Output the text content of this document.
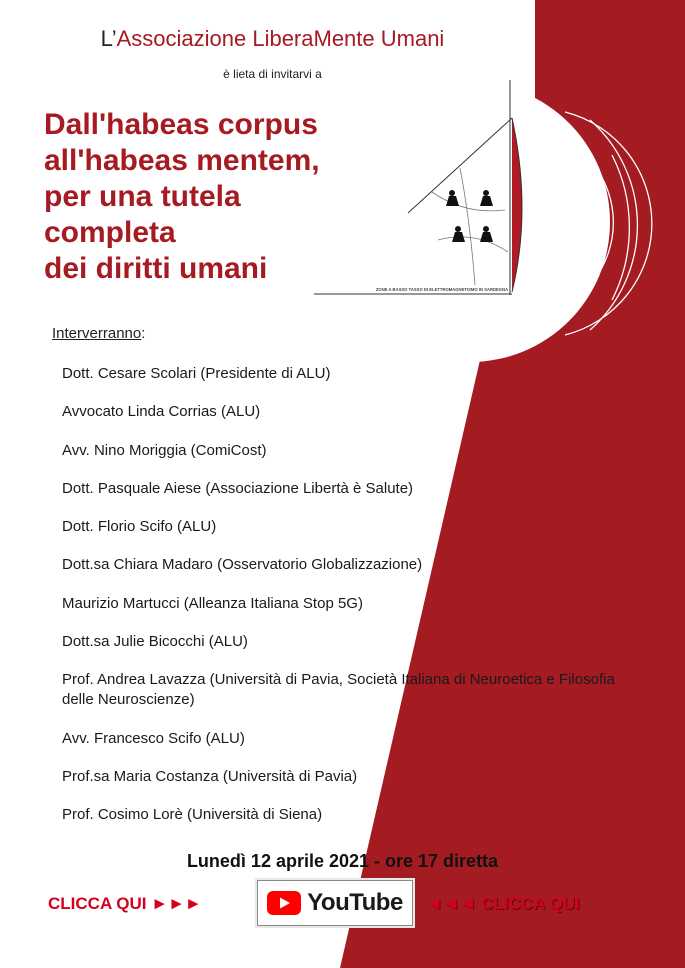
ZONE A BASSO TASSO DI ELETTROMAGNETISMO IN SARDEGNA
L’Associazione LiberaMente Umani
è lieta di invitarvi a
Dall'habeas corpus
all'habeas mentem,
per una tutela
completa
dei diritti umani
Interverranno:
Dott. Cesare Scolari (Presidente di ALU)
Avvocato Linda Corrias (ALU)
Avv. Nino Moriggia (ComiCost)
Dott. Pasquale Aiese (Associazione Libertà è Salute)
Dott. Florio Scifo (ALU)
Dott.sa Chiara Madaro (Osservatorio Globalizzazione)
Maurizio Martucci (Alleanza Italiana Stop 5G)
Dott.sa Julie Bicocchi (ALU)
Prof. Andrea Lavazza (Università di Pavia, Società Italiana di Neuroetica e Filosofia delle Neuroscienze)
Avv. Francesco Scifo (ALU)
Prof.sa Maria Costanza (Università di Pavia)
Prof. Cosimo Lorè (Università di Siena)
Lunedì 12 aprile 2021 - ore 17 diretta
CLICCA QUI ►►►	YouTube ◄◄◄ CLICCA QUI
